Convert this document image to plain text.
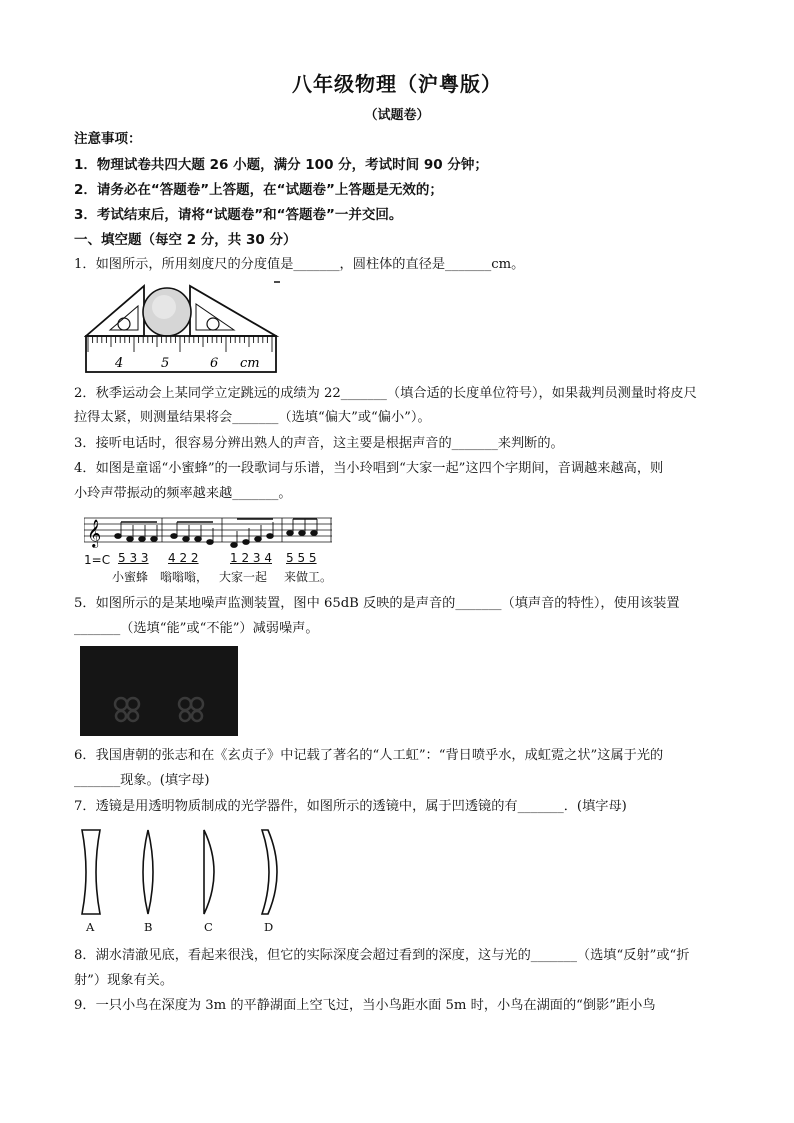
八年级物理（沪粤版）
（试题卷）
注意事项：
1．物理试卷共四大题 26 小题，满分 100 分，考试时间 90 分钟；
2．请务必在“答题卷”上答题，在“试题卷”上答题是无效的；
3．考试结束后，请将“试题卷”和“答题卷”一并交回。
一、填空题（每空 2 分，共 30 分）
1．如图所示，所用刻度尺的分度值是_______，圆柱体的直径是_______cm。
4	5	6 cm
2．秋季运动会上某同学立定跳远的成绩为 22_______（填合适的长度单位符号），如果裁判员测量时将皮尺
拉得太紧，则测量结果将会_______（选填“偏大”或“偏小”）。
3．接听电话时，很容易分辨出熟人的声音，这主要是根据声音的_______来判断的。
4．如图是童谣“小蜜蜂”的一段歌词与乐谱，当小玲唱到“大家一起”这四个字期间，音调越来越高，则
小玲声带振动的频率越来越_______。
𝄞
1=C 5 3 3 4 2 2	1 2 3 4 5 5 5
小蜜蜂 嗡嗡嗡， 大家一起 来做工。
5．如图所示的是某地噪声监测装置，图中 65dB 反映的是声音的_______（填声音的特性），使用该装置
_______（选填“能”或“不能”）减弱噪声。
6．我国唐朝的张志和在《玄贞子》中记载了著名的“人工虹”：“背日喷乎水，成虹霓之状”这属于光的
_______现象。(填字母)
7．透镜是用透明物质制成的光学器件，如图所示的透镜中，属于凹透镜的有_______．(填字母)
A	B	C	D
8．湖水清澈见底，看起来很浅，但它的实际深度会超过看到的深度，这与光的_______（选填“反射”或“折
射”）现象有关。
9．一只小鸟在深度为 3m 的平静湖面上空飞过，当小鸟距水面 5m 时，小鸟在湖面的“倒影”距小鸟
